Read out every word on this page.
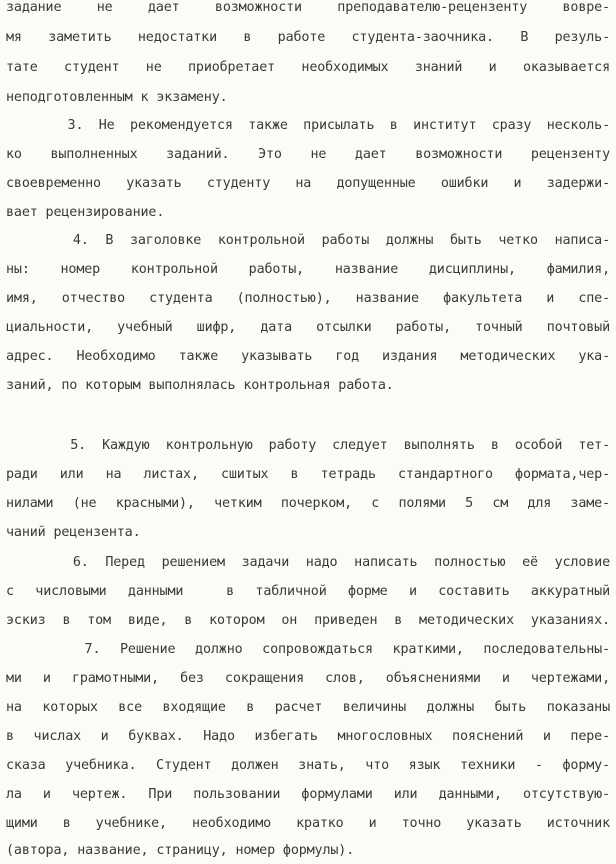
задание не дает возможности преподавателю-рецензенту вовре-
мя заметить недостатки в работе студента-заочника. В резуль-
тате студент не приобретает необходимых знаний и оказывается
неподготовленным к экзамену.
3. Не рекомендуется также присылать в институт сразу несколь-
ко выполненных заданий. Это не дает возможности рецензенту
своевременно указать студенту на допущенные ошибки и задержи-
вает рецензирование.
4. В заголовке контрольной работы должны быть четко написа-
ны: номер контрольной работы, название дисциплины, фамилия,
имя, отчество студента (полностью), название факультета и спе-
циальности, учебный шифр, дата отсылки работы, точный почтовый
адрес. Необходимо также указывать год издания методических ука-
заний, по которым выполнялась контрольная работа.
5. Каждую контрольную работу следует выполнять в особой тет-
ради или на листах, сшитых в тетрадь стандартного формата,чер-
нилами (не красными), четким почерком, с полями 5 см для заме-
чаний рецензента.
6. Перед решением задачи надо написать полностью её условие
с числовыми данными  в табличной форме и составить аккуратный
эскиз в том виде, в котором он приведен в методических указаниях.
7. Решение должно сопровождаться краткими, последовательны-
ми и грамотными, без сокращения слов, объяснениями и чертежами,
на которых все входящие в расчет величины должны быть показаны
в числах и буквах. Надо избегать многословных пояснений и пере-
сказа учебника. Студент должен знать, что язык техники - форму-
ла и чертеж. При пользовании формулами или данными, отсутствую-
щими в учебнике, необходимо кратко и точно указать источник
(автора, название, страницу, номер формулы).
